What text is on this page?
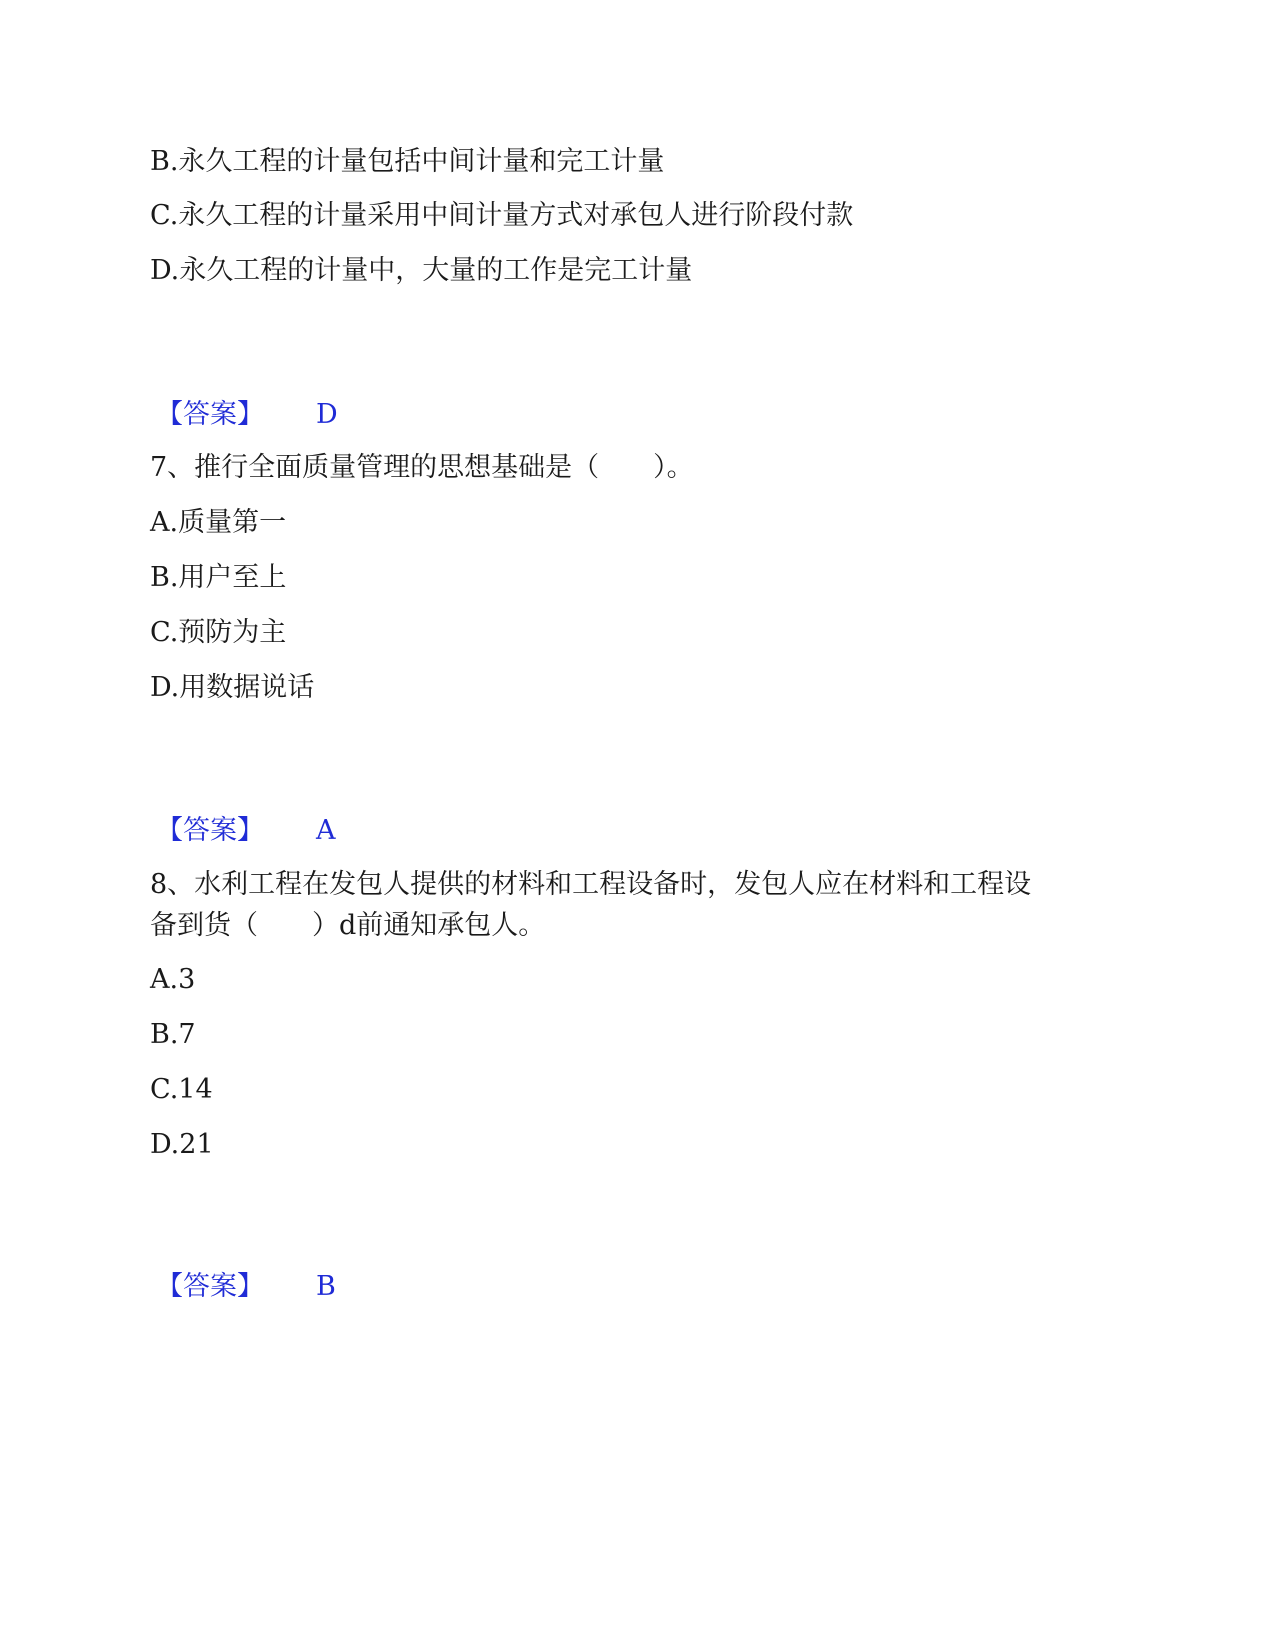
B.永久工程的计量包括中间计量和完工计量
C.永久工程的计量采用中间计量方式对承包人进行阶段付款
D.永久工程的计量中，大量的工作是完工计量
【答案】 D
7、推行全面质量管理的思想基础是（　　）。
A.质量第一
B.用户至上
C.预防为主
D.用数据说话
【答案】 A
8、水利工程在发包人提供的材料和工程设备时，发包人应在材料和工程设
备到货（　　）d前通知承包人。
A.3
B.7
C.14
D.21
【答案】 B
